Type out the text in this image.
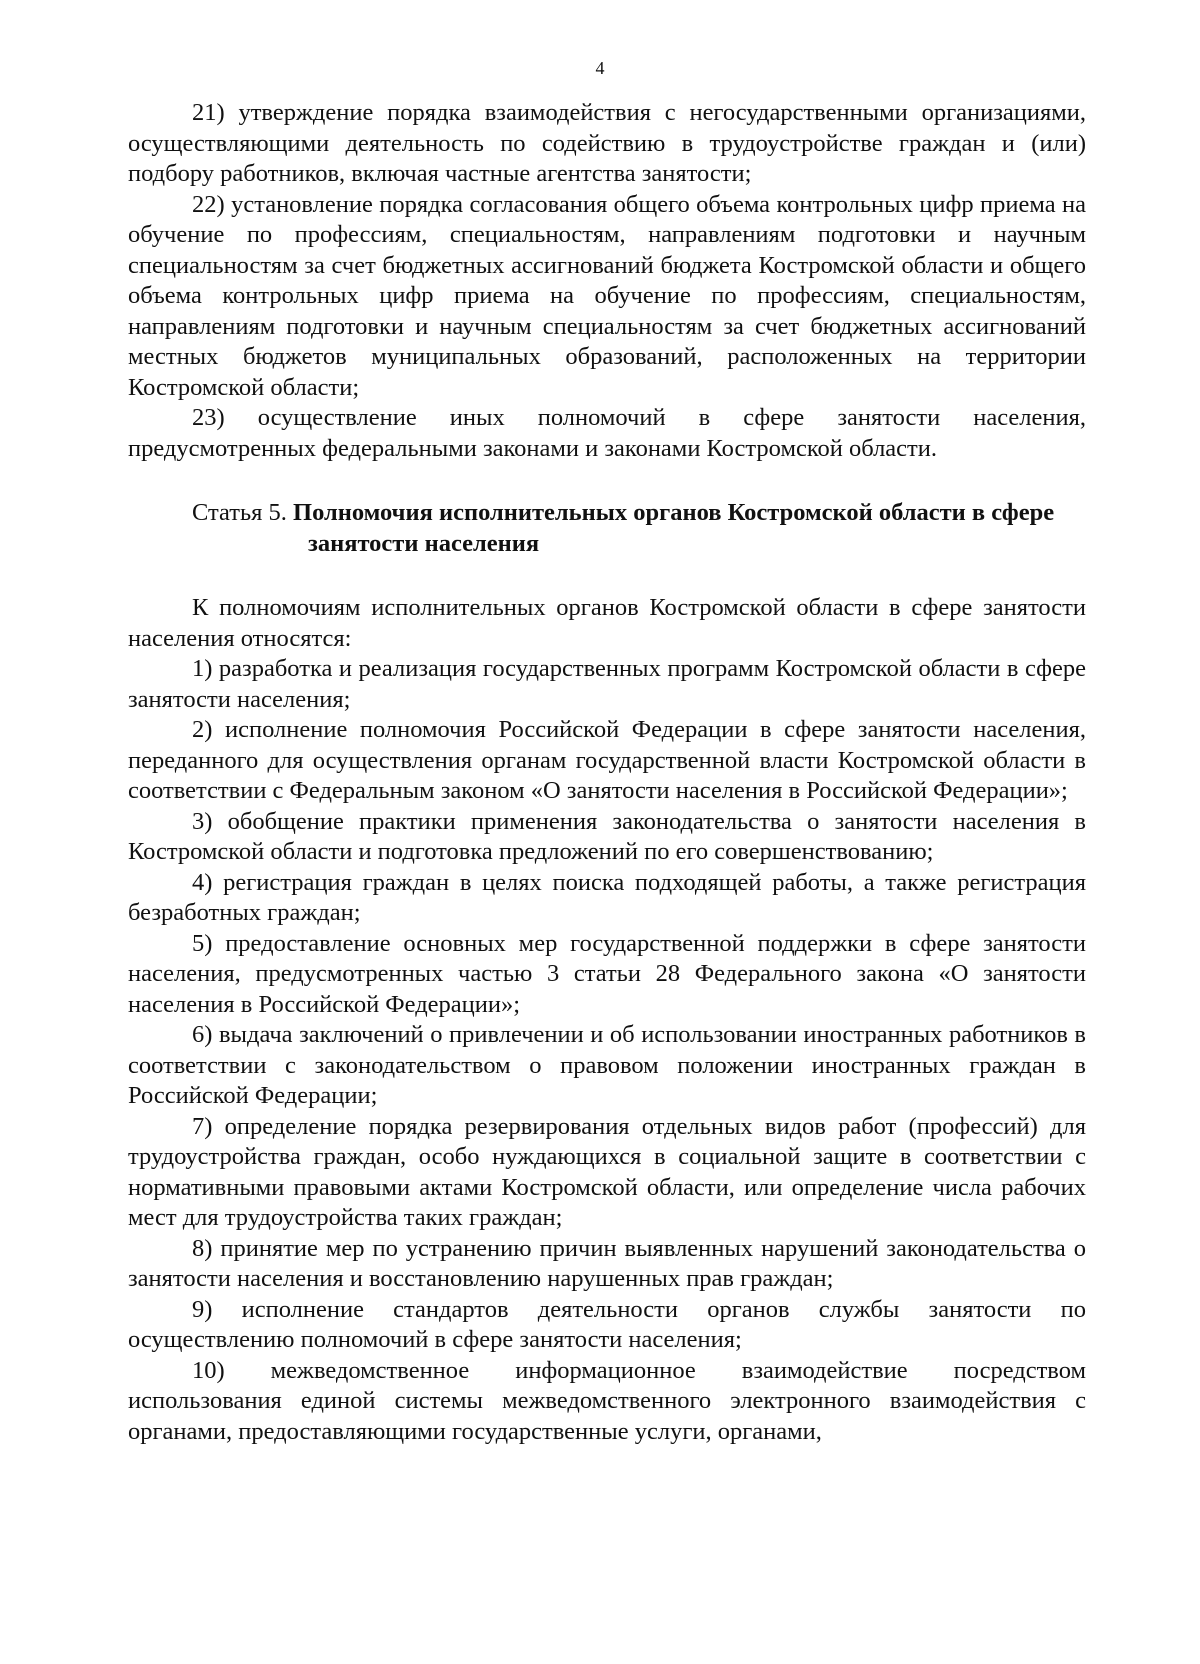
4

21) утверждение порядка взаимодействия с негосударственными организациями, осуществляющими деятельность по содействию в трудоустройстве граждан и (или) подбору работников, включая частные агентства занятости;

22) установление порядка согласования общего объема контрольных цифр приема на обучение по профессиям, специальностям, направлениям подготовки и научным специальностям за счет бюджетных ассигнований бюджета Костромской области и общего объема контрольных цифр приема на обучение по профессиям, специальностям, направлениям подготовки и научным специальностям за счет бюджетных ассигнований местных бюджетов муниципальных образований, расположенных на территории Костромской области;

23) осуществление иных полномочий в сфере занятости населения, предусмотренных федеральными законами и законами Костромской области.

Статья 5. Полномочия исполнительных органов Костромской области в сфере занятости населения

К полномочиям исполнительных органов Костромской области в сфере занятости населения относятся:

1) разработка и реализация государственных программ Костромской области в сфере занятости населения;

2) исполнение полномочия Российской Федерации в сфере занятости населения, переданного для осуществления органам государственной власти Костромской области в соответствии с Федеральным законом «О занятости населения в Российской Федерации»;

3) обобщение практики применения законодательства о занятости населения в Костромской области и подготовка предложений по его совершенствованию;

4) регистрация граждан в целях поиска подходящей работы, а также регистрация безработных граждан;

5) предоставление основных мер государственной поддержки в сфере занятости населения, предусмотренных частью 3 статьи 28 Федерального закона «О занятости населения в Российской Федерации»;

6) выдача заключений о привлечении и об использовании иностранных работников в соответствии с законодательством о правовом положении иностранных граждан в Российской Федерации;

7) определение порядка резервирования отдельных видов работ (профессий) для трудоустройства граждан, особо нуждающихся в социальной защите в соответствии с нормативными правовыми актами Костромской области, или определение числа рабочих мест для трудоустройства таких граждан;

8) принятие мер по устранению причин выявленных нарушений законодательства о занятости населения и восстановлению нарушенных прав граждан;

9) исполнение стандартов деятельности органов службы занятости по осуществлению полномочий в сфере занятости населения;

10) межведомственное информационное взаимодействие посредством использования единой системы межведомственного электронного взаимодействия с органами, предоставляющими государственные услуги, органами,
